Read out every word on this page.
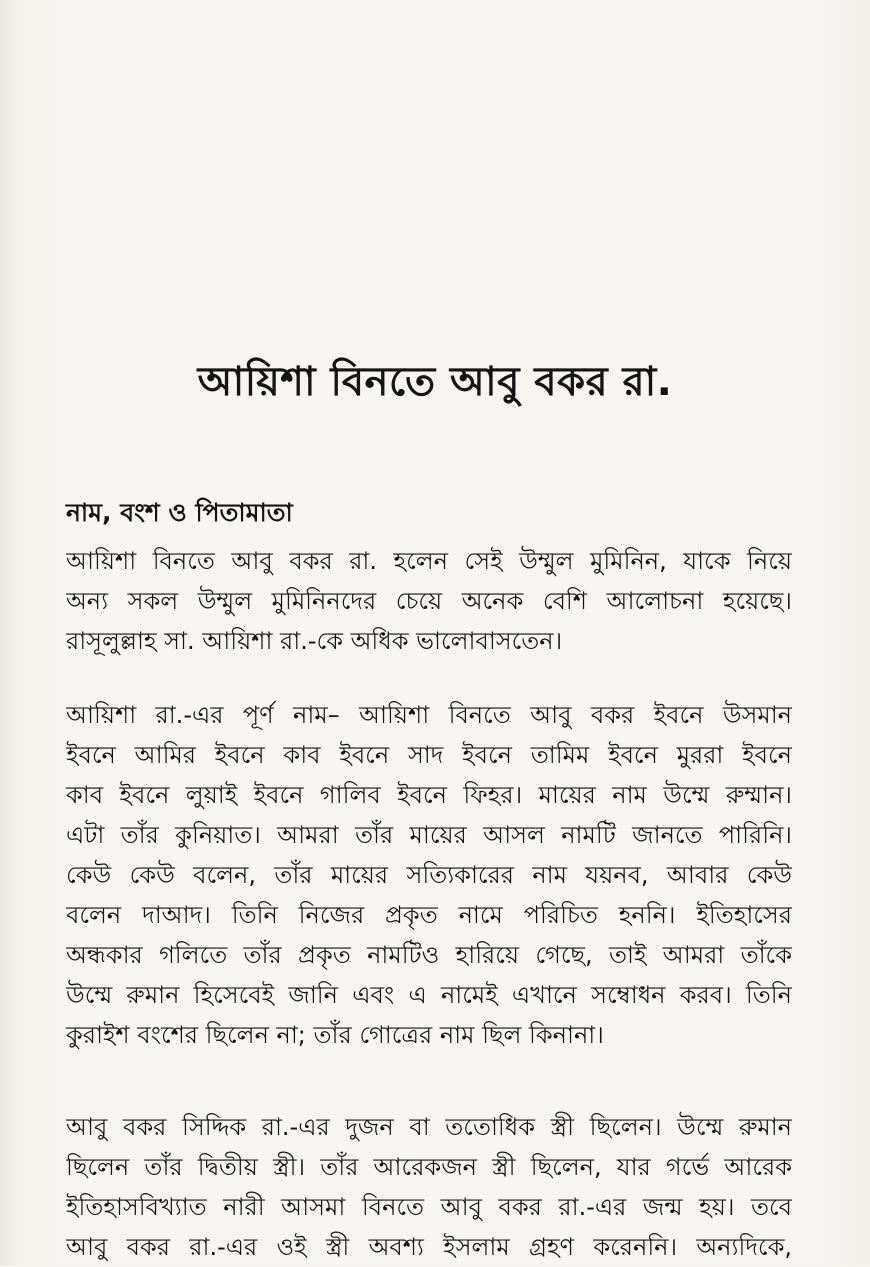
আয়িশা বিনতে আবু বকর রা.
নাম, বংশ ও পিতামাতা
আয়িশা বিনতে আবু বকর রা. হলেন সেই উম্মুল মুমিনিন, যাকে নিয়ে
অন্য সকল উম্মুল মুমিনিনদের চেয়ে অনেক বেশি আলোচনা হয়েছে।
রাসূলুল্লাহ সা. আয়িশা রা.-কে অধিক ভালোবাসতেন।
আয়িশা রা.-এর পূর্ণ নাম– আয়িশা বিনতে আবু বকর ইবনে উসমান
ইবনে আমির ইবনে কাব ইবনে সাদ ইবনে তামিম ইবনে মুররা ইবনে
কাব ইবনে লুয়াই ইবনে গালিব ইবনে ফিহর। মায়ের নাম উম্মে রুম্মান।
এটা তাঁর কুনিয়াত। আমরা তাঁর মায়ের আসল নামটি জানতে পারিনি।
কেউ কেউ বলেন, তাঁর মায়ের সত্যিকারের নাম যয়নব, আবার কেউ
বলেন দাআদ। তিনি নিজের প্রকৃত নামে পরিচিত হননি। ইতিহাসের
অন্ধকার গলিতে তাঁর প্রকৃত নামটিও হারিয়ে গেছে, তাই আমরা তাঁকে
উম্মে রুমান হিসেবেই জানি এবং এ নামেই এখানে সম্বোধন করব। তিনি
কুরাইশ বংশের ছিলেন না; তাঁর গোত্রের নাম ছিল কিনানা।
আবু বকর সিদ্দিক রা.-এর দুজন বা ততোধিক স্ত্রী ছিলেন। উম্মে রুমান
ছিলেন তাঁর দ্বিতীয় স্ত্রী। তাঁর আরেকজন স্ত্রী ছিলেন, যার গর্ভে আরেক
ইতিহাসবিখ্যাত নারী আসমা বিনতে আবু বকর রা.-এর জন্ম হয়। তবে
আবু বকর রা.-এর ওই স্ত্রী অবশ্য ইসলাম গ্রহণ করেননি। অন্যদিকে,
